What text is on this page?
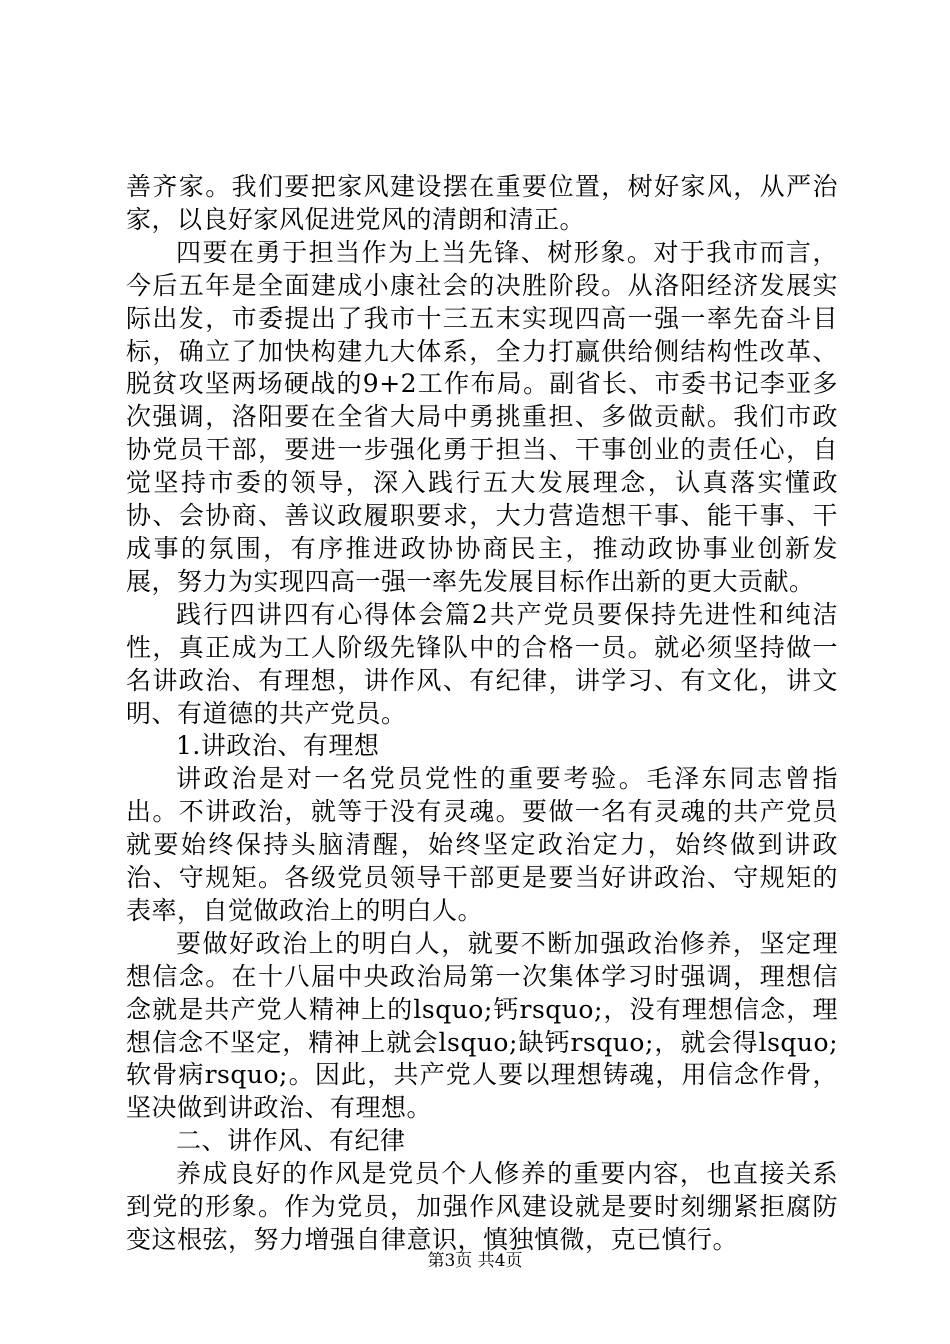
善齐家。我们要把家风建设摆在重要位置，树好家风，从严治家，以良好家风促进党风的清朗和清正。

四要在勇于担当作为上当先锋、树形象。对于我市而言，今后五年是全面建成小康社会的决胜阶段。从洛阳经济发展实际出发，市委提出了我市十三五末实现四高一强一率先奋斗目标，确立了加快构建九大体系，全力打赢供给侧结构性改革、脱贫攻坚两场硬战的9+2工作布局。副省长、市委书记李亚多次强调，洛阳要在全省大局中勇挑重担、多做贡献。我们市政协党员干部，要进一步强化勇于担当、干事创业的责任心，自觉坚持市委的领导，深入践行五大发展理念，认真落实懂政协、会协商、善议政履职要求，大力营造想干事、能干事、干成事的氛围，有序推进政协协商民主，推动政协事业创新发展，努力为实现四高一强一率先发展目标作出新的更大贡献。

践行四讲四有心得体会篇2共产党员要保持先进性和纯洁性，真正成为工人阶级先锋队中的合格一员。就必须坚持做一名讲政治、有理想，讲作风、有纪律，讲学习、有文化，讲文明、有道德的共产党员。

1.讲政治、有理想

讲政治是对一名党员党性的重要考验。毛泽东同志曾指出。不讲政治，就等于没有灵魂。要做一名有灵魂的共产党员就要始终保持头脑清醒，始终坚定政治定力，始终做到讲政治、守规矩。各级党员领导干部更是要当好讲政治、守规矩的表率，自觉做政治上的明白人。

要做好政治上的明白人，就要不断加强政治修养，坚定理想信念。在十八届中央政治局第一次集体学习时强调，理想信念就是共产党人精神上的lsquo;钙rsquo;，没有理想信念，理想信念不坚定，精神上就会lsquo;缺钙rsquo;，就会得lsquo;软骨病rsquo;。因此，共产党人要以理想铸魂，用信念作骨，坚决做到讲政治、有理想。

二、讲作风、有纪律

养成良好的作风是党员个人修养的重要内容，也直接关系到党的形象。作为党员，加强作风建设就是要时刻绷紧拒腐防变这根弦，努力增强自律意识，慎独慎微，克已慎行。

第3页 共4页
